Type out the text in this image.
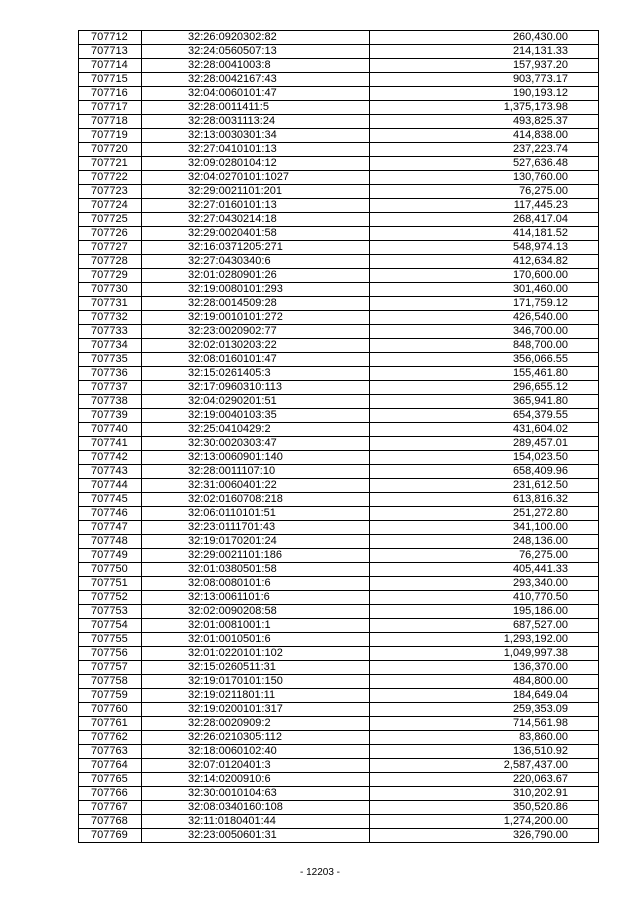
707712	32:26:0920302:82	260,430.00
707713	32:24:0560507:13	214,131.33
707714	32:28:0041003:8	157,937.20
707715	32:28:0042167:43	903,773.17
707716	32:04:0060101:47	190,193.12
707717	32:28:0011411:5	1,375,173.98
707718	32:28:0031113:24	493,825.37
707719	32:13:0030301:34	414,838.00
707720	32:27:0410101:13	237,223.74
707721	32:09:0280104:12	527,636.48
707722	32:04:0270101:1027	130,760.00
707723	32:29:0021101:201	76,275.00
707724	32:27:0160101:13	117,445.23
707725	32:27:0430214:18	268,417.04
707726	32:29:0020401:58	414,181.52
707727	32:16:0371205:271	548,974.13
707728	32:27:0430340:6	412,634.82
707729	32:01:0280901:26	170,600.00
707730	32:19:0080101:293	301,460.00
707731	32:28:0014509:28	171,759.12
707732	32:19:0010101:272	426,540.00
707733	32:23:0020902:77	346,700.00
707734	32:02:0130203:22	848,700.00
707735	32:08:0160101:47	356,066.55
707736	32:15:0261405:3	155,461.80
707737	32:17:0960310:113	296,655.12
707738	32:04:0290201:51	365,941.80
707739	32:19:0040103:35	654,379.55
707740	32:25:0410429:2	431,604.02
707741	32:30:0020303:47	289,457.01
707742	32:13:0060901:140	154,023.50
707743	32:28:0011107:10	658,409.96
707744	32:31:0060401:22	231,612.50
707745	32:02:0160708:218	613,816.32
707746	32:06:0110101:51	251,272.80
707747	32:23:0111701:43	341,100.00
707748	32:19:0170201:24	248,136.00
707749	32:29:0021101:186	76,275.00
707750	32:01:0380501:58	405,441.33
707751	32:08:0080101:6	293,340.00
707752	32:13:0061101:6	410,770.50
707753	32:02:0090208:58	195,186.00
707754	32:01:0081001:1	687,527.00
707755	32:01:0010501:6	1,293,192.00
707756	32:01:0220101:102	1,049,997.38
707757	32:15:0260511:31	136,370.00
707758	32:19:0170101:150	484,800.00
707759	32:19:0211801:11	184,649.04
707760	32:19:0200101:317	259,353.09
707761	32:28:0020909:2	714,561.98
707762	32:26:0210305:112	83,860.00
707763	32:18:0060102:40	136,510.92
707764	32:07:0120401:3	2,587,437.00
707765	32:14:0200910:6	220,063.67
707766	32:30:0010104:63	310,202.91
707767	32:08:0340160:108	350,520.86
707768	32:11:0180401:44	1,274,200.00
707769	32:23:0050601:31	326,790.00
- 12203 -
